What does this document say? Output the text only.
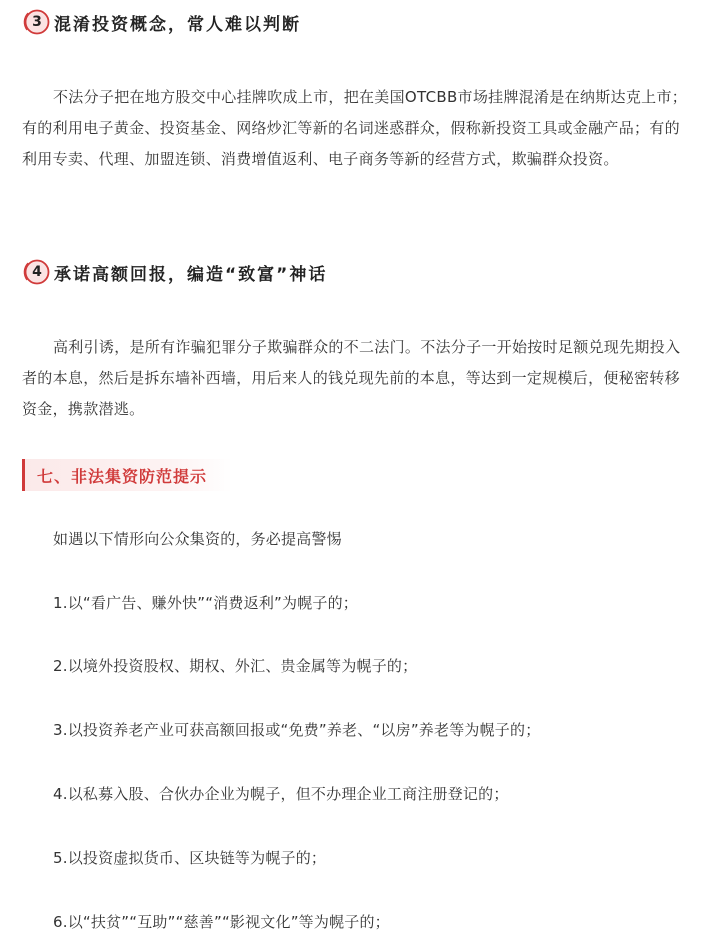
3 混淆投资概念，常人难以判断

不法分子把在地方股交中心挂牌吹成上市，把在美国OTCBB市场挂牌混淆是在纳斯达克上市；有的利用电子黄金、投资基金、网络炒汇等新的名词迷惑群众，假称新投资工具或金融产品；有的利用专卖、代理、加盟连锁、消费增值返利、电子商务等新的经营方式，欺骗群众投资。

4 承诺高额回报，编造“致富”神话

高利引诱，是所有诈骗犯罪分子欺骗群众的不二法门。不法分子一开始按时足额兑现先期投入者的本息，然后是拆东墙补西墙，用后来人的钱兑现先前的本息，等达到一定规模后，便秘密转移资金，携款潜逃。

七、非法集资防范提示

如遇以下情形向公众集资的，务必提高警惕

1.以“看广告、赚外快”“消费返利”为幌子的；

2.以境外投资股权、期权、外汇、贵金属等为幌子的；

3.以投资养老产业可获高额回报或“免费”养老、“以房”养老等为幌子的；

4.以私募入股、合伙办企业为幌子，但不办理企业工商注册登记的；

5.以投资虚拟货币、区块链等为幌子的；

6.以“扶贫”“互助”“慈善”“影视文化”等为幌子的；
